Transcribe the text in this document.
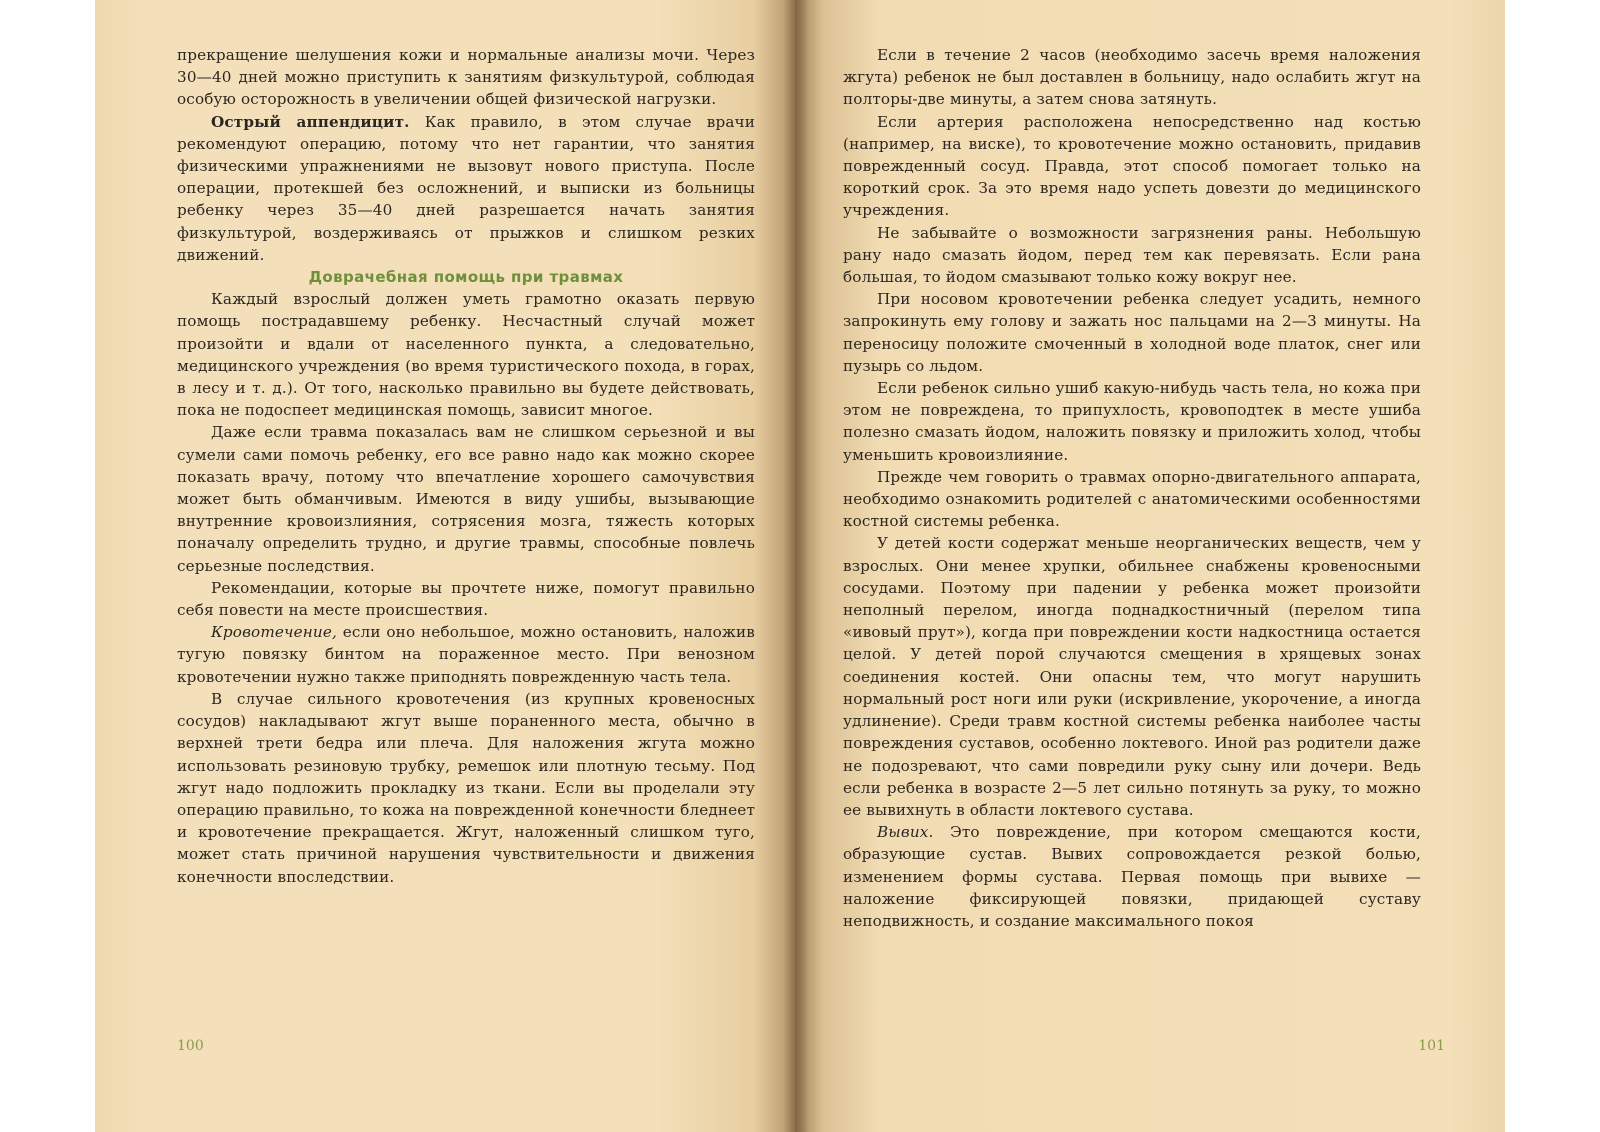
прекращение шелушения кожи и нормальные анализы мочи. Через 30—40 дней можно приступить к занятиям физкультурой, соблюдая особую осторожность в увеличении общей физической нагрузки.

Острый аппендицит. Как правило, в этом случае врачи рекомендуют операцию, потому что нет гарантии, что занятия физическими упражнениями не вызовут нового приступа. После операции, протекшей без осложнений, и выписки из больницы ребенку через 35—40 дней разрешается начать занятия физкультурой, воздерживаясь от прыжков и слишком резких движений.

Доврачебная помощь при травмах

Каждый взрослый должен уметь грамотно оказать первую помощь пострадавшему ребенку. Несчастный случай может произойти и вдали от населенного пункта, а следовательно, медицинского учреждения (во время туристического похода, в горах, в лесу и т. д.). От того, насколько правильно вы будете действовать, пока не подоспеет медицинская помощь, зависит многое.

Даже если травма показалась вам не слишком серьезной и вы сумели сами помочь ребенку, его все равно надо как можно скорее показать врачу, потому что впечатление хорошего самочувствия может быть обманчивым. Имеются в виду ушибы, вызывающие внутренние кровоизлияния, сотрясения мозга, тяжесть которых поначалу определить трудно, и другие травмы, способные повлечь серьезные последствия.

Рекомендации, которые вы прочтете ниже, помогут правильно себя повести на месте происшествия.

Кровотечение, если оно небольшое, можно остановить, наложив тугую повязку бинтом на пораженное место. При венозном кровотечении нужно также приподнять поврежденную часть тела.

В случае сильного кровотечения (из крупных кровеносных сосудов) накладывают жгут выше пораненного места, обычно в верхней трети бедра или плеча. Для наложения жгута можно использовать резиновую трубку, ремешок или плотную тесьму. Под жгут надо подложить прокладку из ткани. Если вы проделали эту операцию правильно, то кожа на поврежденной конечности бледнеет и кровотечение прекращается. Жгут, наложенный слишком туго, может стать причиной нарушения чувствительности и движения конечности впоследствии.

100

Если в течение 2 часов (необходимо засечь время наложения жгута) ребенок не был доставлен в больницу, надо ослабить жгут на полторы-две минуты, а затем снова затянуть.

Если артерия расположена непосредственно над костью (например, на виске), то кровотечение можно остановить, придавив поврежденный сосуд. Правда, этот способ помогает только на короткий срок. За это время надо успеть довезти до медицинского учреждения.

Не забывайте о возможности загрязнения раны. Небольшую рану надо смазать йодом, перед тем как перевязать. Если рана большая, то йодом смазывают только кожу вокруг нее.

При носовом кровотечении ребенка следует усадить, немного запрокинуть ему голову и зажать нос пальцами на 2—3 минуты. На переносицу положите смоченный в холодной воде платок, снег или пузырь со льдом.

Если ребенок сильно ушиб какую-нибудь часть тела, но кожа при этом не повреждена, то припухлость, кровоподтек в месте ушиба полезно смазать йодом, наложить повязку и приложить холод, чтобы уменьшить кровоизлияние.

Прежде чем говорить о травмах опорно-двигательного аппарата, необходимо ознакомить родителей с анатомическими особенностями костной системы ребенка.

У детей кости содержат меньше неорганических веществ, чем у взрослых. Они менее хрупки, обильнее снабжены кровеносными сосудами. Поэтому при падении у ребенка может произойти неполный перелом, иногда поднадкостничный (перелом типа «ивовый прут»), когда при повреждении кости надкостница остается целой. У детей порой случаются смещения в хрящевых зонах соединения костей. Они опасны тем, что могут нарушить нормальный рост ноги или руки (искривление, укорочение, а иногда удлинение). Среди травм костной системы ребенка наиболее часты повреждения суставов, особенно локтевого. Иной раз родители даже не подозревают, что сами повредили руку сыну или дочери. Ведь если ребенка в возрасте 2—5 лет сильно потянуть за руку, то можно ее вывихнуть в области локтевого сустава.

Вывих. Это повреждение, при котором смещаются кости, образующие сустав. Вывих сопровождается резкой болью, изменением формы сустава. Первая помощь при вывихе — наложение фиксирующей повязки, придающей суставу неподвижность, и создание максимального покоя

101
